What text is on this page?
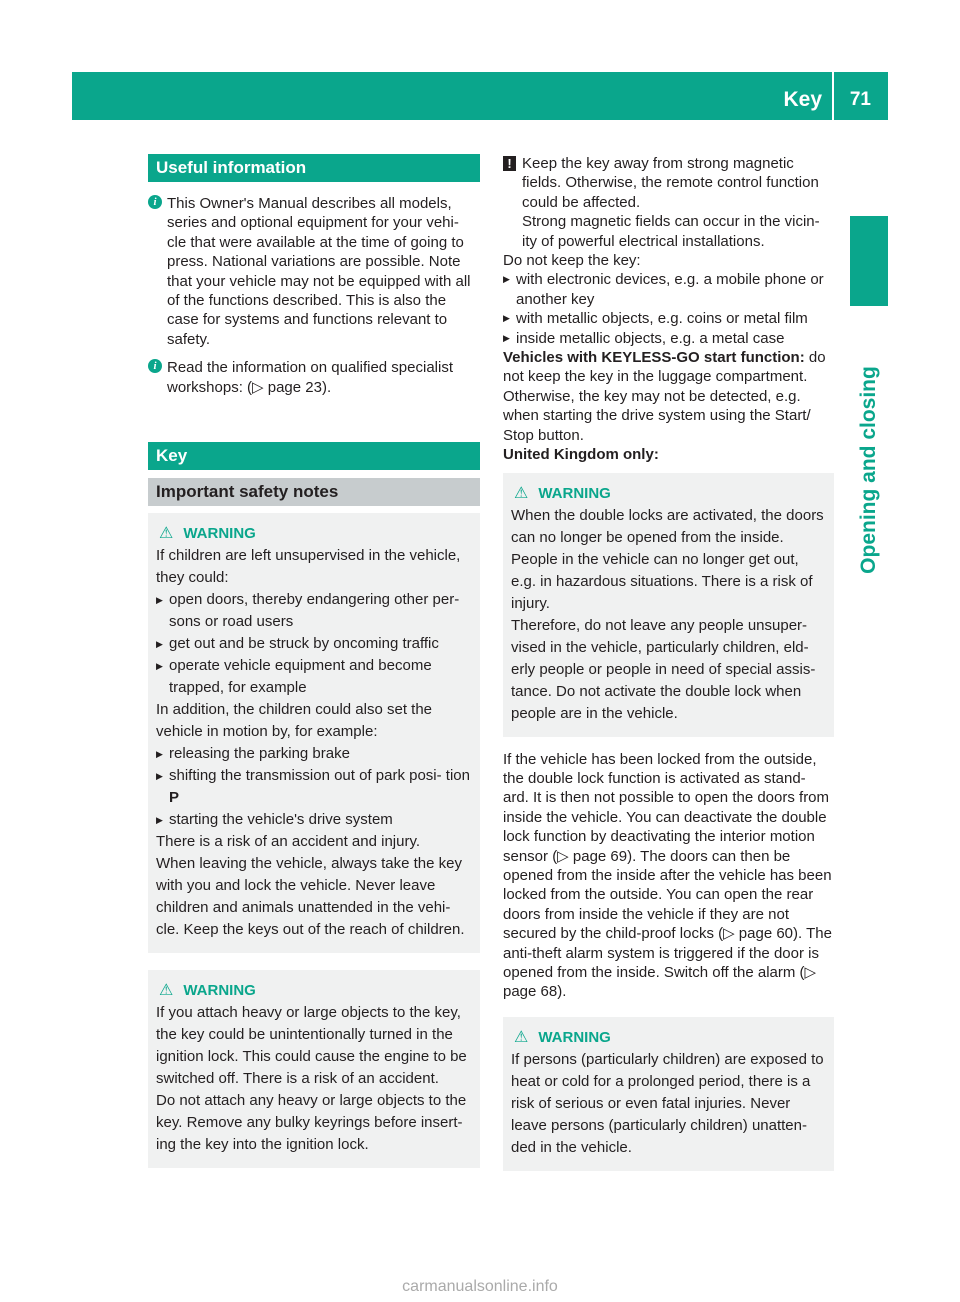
Key 71
Opening and closing
Useful information
i This Owner's Manual describes all models, series and optional equipment for your vehi- cle that were available at the time of going to press. National variations are possible. Note that your vehicle may not be equipped with all of the functions described. This is also the case for systems and functions relevant to safety.

i Read the information on qualified specialist workshops: (▷ page 23).

Key
Important safety notes
⚠ WARNING

If children are left unsupervised in the vehicle, they could:

▶ open doors, thereby endangering other per- sons or road users
▶ get out and be struck by oncoming traffic
▶ operate vehicle equipment and become trapped, for example

In addition, the children could also set the vehicle in motion by, for example:

▶ releasing the parking brake
▶ shifting the transmission out of park posi- tion P
▶ starting the vehicle's drive system

There is a risk of an accident and injury.

When leaving the vehicle, always take the key with you and lock the vehicle. Never leave children and animals unattended in the vehi- cle. Keep the keys out of the reach of children.

⚠ WARNING

If you attach heavy or large objects to the key, the key could be unintentionally turned in the ignition lock. This could cause the engine to be switched off. There is a risk of an accident.

Do not attach any heavy or large objects to the key. Remove any bulky keyrings before insert- ing the key into the ignition lock.

! Keep the key away from strong magnetic fields. Otherwise, the remote control function could be affected.

Strong magnetic fields can occur in the vicin- ity of powerful electrical installations.

Do not keep the key:

▶ with electronic devices, e.g. a mobile phone or another key
▶ with metallic objects, e.g. coins or metal film
▶ inside metallic objects, e.g. a metal case

Vehicles with KEYLESS-GO start function: do not keep the key in the luggage compartment. Otherwise, the key may not be detected, e.g. when starting the drive system using the Start/ Stop button.

United Kingdom only:

⚠ WARNING

When the double locks are activated, the doors can no longer be opened from the inside. People in the vehicle can no longer get out, e.g. in hazardous situations. There is a risk of injury.

Therefore, do not leave any people unsuper- vised in the vehicle, particularly children, eld- erly people or people in need of special assis- tance. Do not activate the double lock when people are in the vehicle.

If the vehicle has been locked from the outside, the double lock function is activated as stand- ard. It is then not possible to open the doors from inside the vehicle. You can deactivate the double lock function by deactivating the interior motion sensor (▷ page 69). The doors can then be opened from the inside after the vehicle has been locked from the outside. You can open the rear doors from inside the vehicle if they are not secured by the child-proof locks (▷ page 60). The anti-theft alarm system is triggered if the door is opened from the inside. Switch off the alarm (▷ page 68).

⚠ WARNING

If persons (particularly children) are exposed to heat or cold for a prolonged period, there is a risk of serious or even fatal injuries. Never leave persons (particularly children) unatten- ded in the vehicle.

carmanualsonline.info
